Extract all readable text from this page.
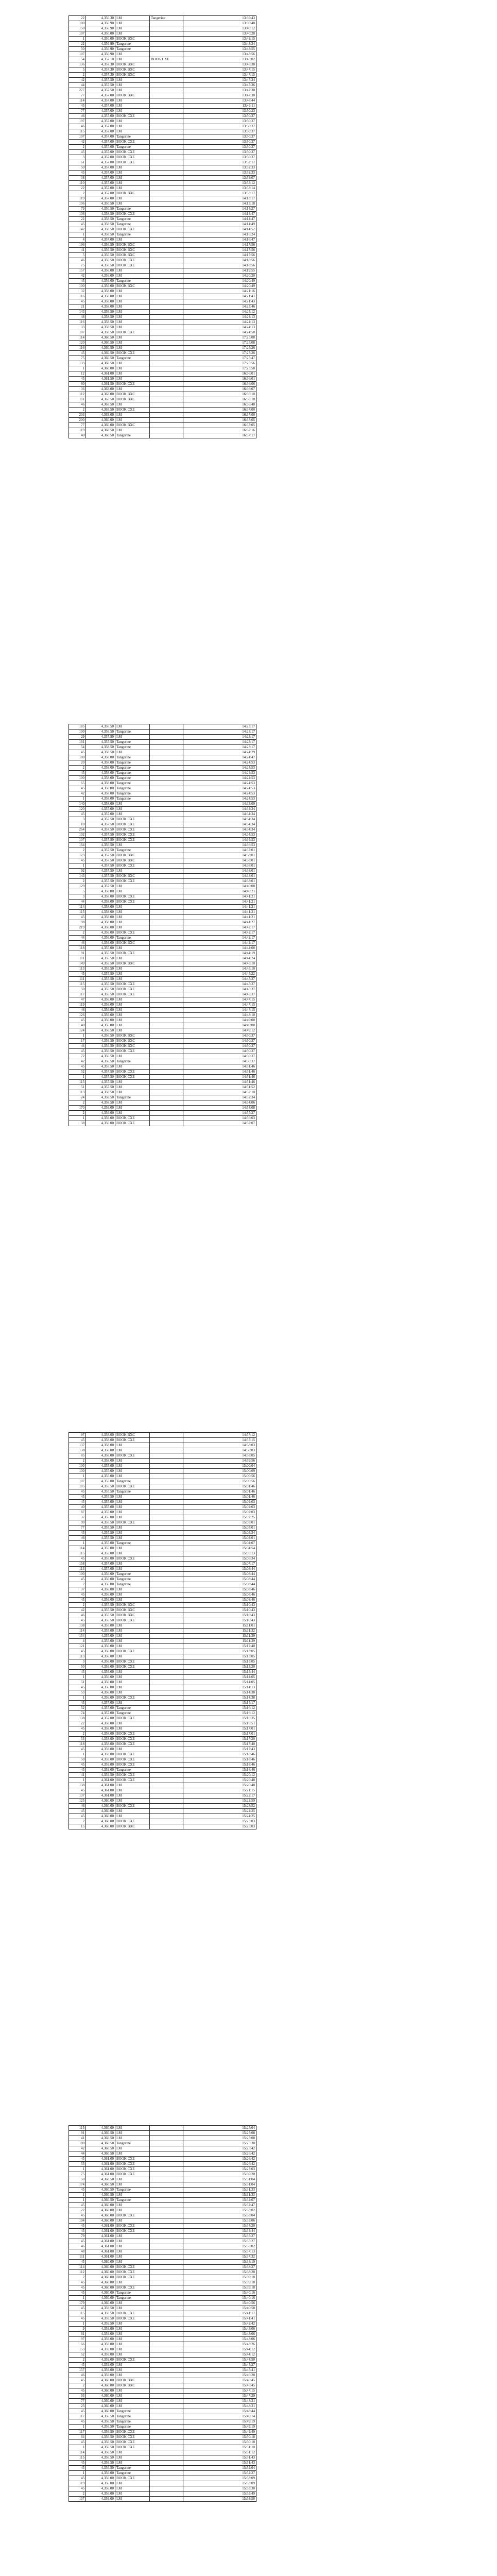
22	4,350.30	I.M	Tangerine	13:39:43
100	4,356.90	I.M		13:39:48
150	4,356.90	I.M		13:40:12
107	4,350.00	I.M		13:40:28
1	4,350.00	BOOK BXC		13:42:15
22	4,356.90	Tangerine		13:43:34
50	4,356.90	Tangerine		13:43:55
107	4,356.90	I.M		13:43:56
54	4,357.10	I.M	BOOK CXE	13:45:02
136	4,357.30	BOOK BXC		13:46:38
5	4,357.30	BOOK BXC		13:47:15
2	4,357.30	BOOK BXC		13:47:15
42	4,357.50	I.M		13:47:34
44	4,357.50	I.M		13:47:36
277	4,357.50	I.M		13:47:38
77	4,357.00	BOOK BXC		13:47:38
114	4,357.00	I.M		13:48:44
45	4,357.00	I.M		13:49:11
77	4,357.00	I.M		13:50:23
46	4,357.00	BOOK CXE		13:50:37
197	4,357.00	I.M		13:50:37
46	4,357.00	I.M		13:50:37
115	4,357.00	I.M		13:50:37
107	4,357.00	Tangerine		13:50:37
42	4,357.00	BOOK CXE		13:50:37
2	4,357.00	Tangerine		13:50:37
45	4,357.00	BOOK CXE		13:50:37
3	4,357.00	BOOK CXE		13:50:37
61	4,357.00	BOOK CXE		13:52:17
50	4,357.00	I.M		13:52:33
45	4,357.00	I.M		13:52:33
38	4,357.00	I.M		13:53:07
110	4,357.00	I.M		13:53:12
22	4,357.00	I.M		13:53:14
2	4,357.00	BOOK BXC		13:53:17
119	4,357.00	I.M		14:13:17
106	4,350.50	I.M		14:13:18
79	4,350.50	Tangerine		14:14:27
136	4,358.50	BOOK CXE		14:14:47
22	4,358.50	Tangerine		14:14:47
45	4,358.50	Tangerine		14:14:49
142	4,358.50	BOOK CXE		14:14:52
1	4,358.50	Tangerine		14:16:24
4	4,357.00	I.M		14:16:47
196	4,356.50	BOOK BXC		14:17:56
41	4,356.50	BOOK BXC		14:17:56
5	4,356.50	BOOK BXC		14:17:56
46	4,356.50	BOOK CXE		14:18:56
75	4,356.50	BOOK CXE		14:18:56
157	4,356.00	I.M		14:19:55
42	4,356.00	I.M		14:20:20
45	4,356.00	Tangerine		14:20:49
100	4,356.00	BOOK BXC		14:20:49
32	4,358.00	I.M		14:21:16
116	4,358.00	I.M		14:21:41
45	4,358.00	I.M		14:21:43
21	4,358.00	I.M		14:23:46
143	4,358.50	I.M		14:24:12
48	4,358.50	I.M		14:24:13
116	4,358.50	I.M		14:24:13
33	4,358.50	I.M		14:24:13
107	4,358.50	BOOK CXE		14:24:58
114	4,360.50	I.M		17:25:08
120	4,360.50	I.M		17:25:08
116	4,360.50	I.M		17:25:26
45	4,360.50	BOOK CXE		17:25:26
75	4,360.50	Tangerine		17:25:47
133	4,360.50	I.M		17:25:56
1	4,360.00	I.M		17:25:58
12	4,361.00	I.M		16:36:01
45	4,361.50	I.M		16:36:01
80	4,361.50	BOOK CXE		16:36:06
36	4,363.00	I.M		16:36:07
112	4,363.00	BOOK BXC		16:36:10
111	4,363.50	BOOK BXC		16:36:18
46	4,363.50	I.M		16:36:48
2	4,363.50	BOOK CXE		16:37:00
203	4,363.00	I.M		16:37:00
200	4,360.00	I.M		16:37:05
77	4,360.00	BOOK BXC		16:37:05
119	4,360.50	I.M		16:37:16
40	4,360.50	Tangerine		16:37:17
185	4,356.50	I.M		14:23:17
100	4,356.50	Tangerine		14:23:17
29	4,357.50	I.M		14:23:17
161	4,357.50	Tangerine		14:23:17
54	4,358.50	Tangerine		14:23:17
45	4,358.50	I.M		14:24:29
100	4,358.00	Tangerine		14:24:47
20	4,358.00	Tangerine		14:24:53
2	4,358.00	Tangerine		14:24:53
45	4,358.00	Tangerine		14:24:53
100	4,358.00	Tangerine		14:24:53
65	4,358.00	Tangerine		14:24:53
45	4,358.00	Tangerine		14:24:53
42	4,358.00	Tangerine		14:24:53
1	4,358.00	Tangerine		14:24:53
140	4,358.00	I.M		14:33:09
120	4,357.00	I.M		14:34:34
45	4,357.00	I.M		14:34:34
3	4,357.50	BOOK CXE		14:34:34
10	4,357.50	BOOK CXE		14:34:34
264	4,357.50	BOOK CXE		14:34:34
102	4,357.50	BOOK CXE		14:34:53
107	4,357.50	BOOK CXE		14:34:53
164	4,356.50	I.M		14:36:53
2	4,357.50	Tangerine		14:37:01
123	4,357.50	BOOK BXC		14:38:01
45	4,357.50	BOOK BXC		14:38:01
1	4,357.50	BOOK CXE		14:38:01
92	4,357.50	I.M		14:38:01
143	4,357.50	BOOK BXC		14:38:01
2	4,357.50	BOOK CXE		14:38:01
129	4,357.50	I.M		14:40:00
5	4,358.00	I.M		14:40:21
3	4,358.00	BOOK CXE		14:41:21
44	4,358.00	BOOK CXE		14:41:21
114	4,358.00	I.M		14:41:21
115	4,358.00	I.M		14:41:21
45	4,358.00	I.M		14:41:21
98	4,358.00	I.M		14:41:27
219	4,356.00	I.M		14:42:17
2	4,356.00	BOOK CXE		14:42:17
44	4,356.00	Tangerine		14:42:17
46	4,356.00	BOOK BXC		14:42:17
118	4,355.00	I.M		14:44:00
91	4,355.50	BOOK CXE		14:44:19
111	4,355.50	I.M		14:44:24
149	4,355.50	BOOK BXC		14:45:10
113	4,355.50	I.M		14:45:10
45	4,355.50	I.M		14:45:22
111	4,355.50	I.M		14:45:37
115	4,355.50	BOOK CXE		14:45:37
50	4,355.50	BOOK CXE		14:45:37
117	4,355.50	BOOK CXE		14:45:37
47	4,356.00	I.M		14:47:15
119	4,356.00	I.M		14:47:15
46	4,356.00	I.M		14:47:15
126	4,356.00	I.M		14:48:10
45	4,356.00	I.M		14:49:00
40	4,356.00	I.M		14:49:00
124	4,356.50	I.M		14:49:12
1	4,356.50	BOOK BXC		14:50:37
17	4,356.50	BOOK BXC		14:50:37
44	4,356.50	BOOK BXC		14:50:37
45	4,356.50	BOOK CXE		14:50:37
72	4,356.50	I.M		14:50:37
42	4,356.50	Tangerine		14:50:37
45	4,355.50	I.M		14:51:46
52	4,357.50	BOOK CXE		14:51:46
1	4,357.50	BOOK CXE		14:51:46
115	4,357.50	I.M		14:51:46
51	4,357.50	I.M		14:51:52
113	4,358.50	I.M		14:52:10
24	4,358.50	Tangerine		14:52:34
2	4,358.50	I.M		14:54:06
170	4,356.00	I.M		14:54:08
2	4,356.00	I.M		14:55:27
1	4,356.00	BOOK CXE		14:56:03
38	4,356.00	BOOK CXE		14:57:07
97	4,358.00	BOOK BXC		14:57:12
45	4,358.00	BOOK CXE		14:57:15
137	4,358.00	I.M		14:58:03
138	4,358.00	I.M		14:58:03
85	4,358.00	BOOK CXE		14:58:05
2	4,358.00	I.M		14:59:56
100	4,355.00	I.M		15:00:04
130	4,355.00	I.M		15:00:09
1	4,355.00	I.M		15:00:56
107	4,355.00	Tangerine		15:00:56
105	4,355.50	BOOK CXE		15:01:46
45	4,355.50	Tangerine		15:01:46
45	4,355.50	I.M		15:01:46
45	4,355.00	I.M		15:02:03
40	4,355.00	I.M		15:02:03
87	4,355.00	I.M		15:02:03
37	4,355.00	I.M		15:02:25
90	4,355.50	BOOK CXE		15:03:01
77	4,355.50	I.M		15:03:01
45	4,355.50	I.M		15:03:34
46	4,355.50	I.M		15:04:01
1	4,355.00	Tangerine		15:04:07
114	4,355.00	I.M		15:04:54
115	4,355.00	I.M		15:05:13
45	4,355.00	BOOK CXE		15:06:34
158	4,357.00	I.M		15:07:17
113	4,357.00	I.M		15:08:44
100	4,356.00	Tangerine		15:08:44
45	4,356.00	Tangerine		15:08:44
2	4,356.00	Tangerine		15:08:44
37	4,356.00	I.M		15:08:46
45	4,356.00	I.M		15:08:46
45	4,356.00	I.M		15:08:46
2	4,355.50	BOOK BXC		15:10:43
42	4,355.50	BOOK BXC		15:10:43
46	4,355.50	BOOK BXC		15:10:43
45	4,355.50	BOOK CXE		15:10:43
138	4,355.00	I.M		15:11:01
114	4,355.00	I.M		15:11:32
154	4,355.00	I.M		15:11:39
4	4,355.00	I.M		15:11:39
121	4,356.00	I.M		15:12:40
45	4,356.00	BOOK CXE		15:13:05
113	4,356.00	I.M		15:13:05
3	4,356.00	BOOK CXE		15:13:05
50	4,356.00	BOOK CXE		15:13:20
45	4,356.00	I.M		15:13:44
1	4,356.00	I.M		15:14:05
51	4,356.00	I.M		15:14:05
45	4,356.00	I.M		15:14:13
53	4,356.00	I.M		15:14:38
1	4,356.00	BOOK CXE		15:14:38
45	4,357.00	I.M		15:15:17
52	4,357.00	Tangerine		15:16:12
74	4,357.00	Tangerine		15:16:12
138	4,357.00	BOOK CXE		15:16:35
22	4,358.00	I.M		15:16:51
45	4,358.00	I.M		15:17:01
2	4,358.00	BOOK CXE		15:17:01
53	4,358.00	BOOK CXE		15:17:20
118	4,358.00	BOOK CXE		15:17:40
45	4,359.00	I.M		15:17:43
1	4,359.00	BOOK CXE		15:18:46
50	4,359.00	BOOK CXE		15:18:46
45	4,359.00	BOOK CXE		15:18:46
45	4,359.00	Tangerine		15:18:46
41	4,359.50	BOOK CXE		15:20:12
1	4,361.00	BOOK CXE		15:20:48
138	4,361.00	I.M		15:20:48
45	4,361.00	I.M		15:21:15
137	4,361.00	I.M		15:22:17
125	4,360.00	I.M		15:22:59
46	4,360.00	BOOK CXE		15:23:52
45	4,360.00	I.M		15:24:25
45	4,360.00	I.M		15:24:25
2	4,360.00	BOOK CXE		15:25:03
15	4,360.00	BOOK BXC		15:25:03
115	4,360.00	I.M		15:25:04
91	4,360.50	I.M		15:25:08
41	4,360.50	I.M		15:25:08
100	4,360.50	Tangerine		15:25:38
42	4,360.50	I.M		15:25:42
44	4,360.50	I.M		15:26:42
45	4,361.00	BOOK CXE		15:26:42
53	4,361.00	BOOK CXE		15:26:42
1	4,361.00	BOOK CXE		15:27:03
75	4,361.00	BOOK CXE		15:30:20
50	4,360.50	I.M		15:31:04
174	4,360.50	I.M		15:31:04
45	4,360.50	Tangerine		15:31:33
1	4,360.50	I.M		15:31:33
1	4,360.50	Tangerine		15:32:07
45	4,360.00	I.M		15:32:47
22	4,360.00	I.M		15:33:02
45	4,360.00	BOOK CXE		15:33:04
194	4,360.00	I.M		15:33:06
45	4,361.00	BOOK CXE		15:34:20
45	4,361.00	BOOK CXE		15:34:44
79	4,361.00	I.M		15:35:27
45	4,361.00	I.M		15:35:27
46	4,361.00	I.M		15:36:02
48	4,361.00	I.M		15:37:13
111	4,361.00	I.M		15:37:32
45	4,360.00	I.M		15:38:19
114	4,360.00	BOOK CXE		15:38:27
112	4,360.00	BOOK CXE		15:38:28
2	4,360.00	BOOK CXE		15:39:18
45	4,360.00	I.M		15:39:18
45	4,360.00	BOOK CXE		15:39:18
45	4,360.00	Tangerine		15:40:16
1	4,360.00	Tangerine		15:40:16
179	4,360.00	I.M		15:40:56
45	4,359.50	I.M		15:40:58
115	4,359.50	BOOK CXE		15:41:17
45	4,359.50	BOOK CXE		15:41:41
1	4,359.50	I.M		15:42:42
9	4,359.00	I.M		15:43:06
61	4,359.00	I.M		15:43:06
97	4,359.00	I.M		15:43:06
66	4,359.00	I.M		15:43:26
153	4,359.00	I.M		15:44:12
52	4,359.00	I.M		15:44:12
2	4,359.00	BOOK CXE		15:44:50
45	4,359.00	I.M		15:45:27
157	4,359.00	I.M		15:45:41
46	4,359.00	I.M		15:46:28
45	4,360.00	BOOK BXC		15:46:45
2	4,360.00	BOOK BXC		15:46:45
45	4,360.00	I.M		15:47:15
93	4,360.00	I.M		15:47:29
77	4,360.00	I.M		15:48:31
23	4,360.00	I.M		15:48:31
45	4,360.00	Tangerine		15:48:44
117	4,356.50	Tangerine		15:49:14
45	4,356.50	Tangerine		15:49:19
1	4,356.50	Tangerine		15:49:19
117	4,356.50	BOOK CXE		15:49:49
64	4,356.50	BOOK CXE		15:50:18
45	4,356.50	BOOK CXE		15:50:18
1	4,356.50	BOOK CXE		15:51:10
114	4,356.50	I.M		15:51:12
115	4,356.50	I.M		15:51:43
45	4,356.50	I.M		15:51:43
45	4,356.50	Tangerine		15:52:04
1	4,356.00	Tangerine		15:52:27
45	4,356.00	BOOK CXE		15:53:09
119	4,356.00	I.M		15:53:09
45	4,356.00	I.M		15:53:30
2	4,356.00	I.M		15:53:49
137	4,356.00	I.M		15:53:50
